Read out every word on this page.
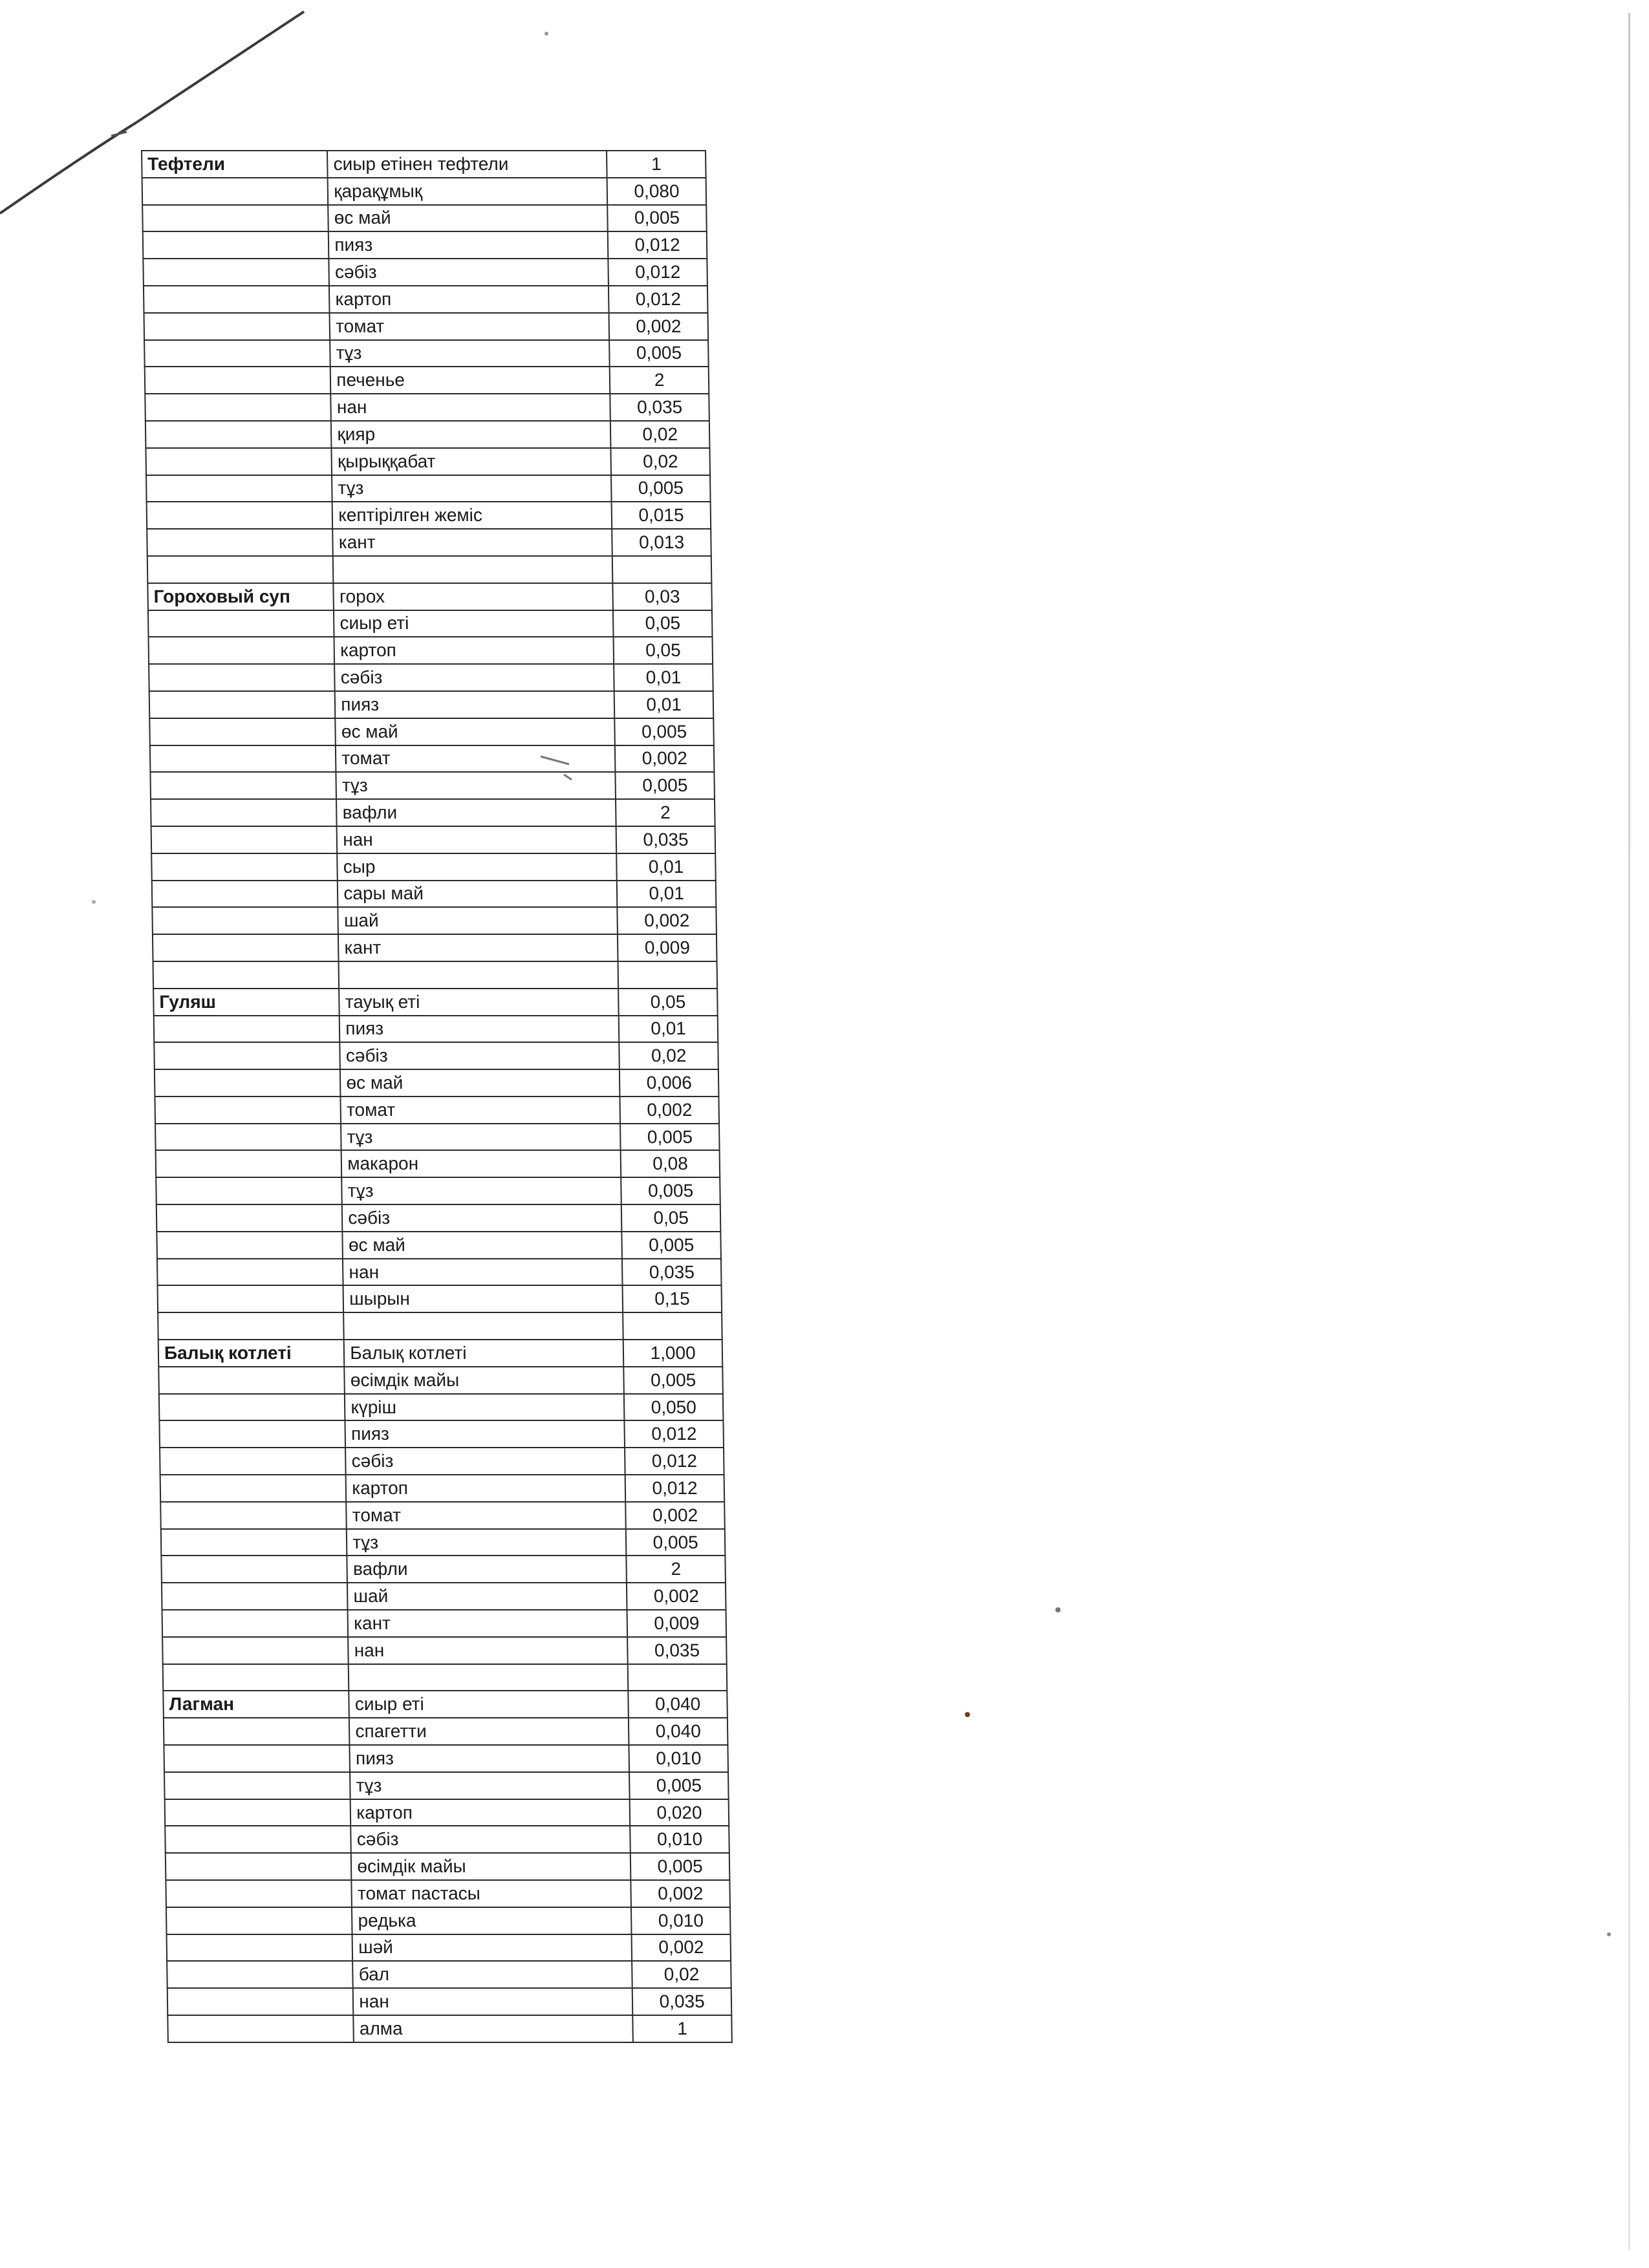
Тефтели	сиыр етінен тефтели	1
	қарақұмық	0,080
	өс май	0,005
	пияз	0,012
	сәбіз	0,012
	картоп	0,012
	томат	0,002
	тұз	0,005
	печенье	2
	нан	0,035
	қияр	0,02
	қырыққабат	0,02
	тұз	0,005
	кептірілген жеміс	0,015
	кант	0,013

Гороховый суп	горох	0,03
	сиыр еті	0,05
	картоп	0,05
	сәбіз	0,01
	пияз	0,01
	өс май	0,005
	томат	0,002
	тұз	0,005
	вафли	2
	нан	0,035
	сыр	0,01
	сары май	0,01
	шай	0,002
	кант	0,009

Гуляш	тауық еті	0,05
	пияз	0,01
	сәбіз	0,02
	өс май	0,006
	томат	0,002
	тұз	0,005
	макарон	0,08
	тұз	0,005
	сәбіз	0,05
	өс май	0,005
	нан	0,035
	шырын	0,15

Балық котлеті	Балық котлеті	1,000
	өсімдік майы	0,005
	күріш	0,050
	пияз	0,012
	сәбіз	0,012
	картоп	0,012
	томат	0,002
	тұз	0,005
	вафли	2
	шай	0,002
	кант	0,009
	нан	0,035

Лагман	сиыр еті	0,040
	спагетти	0,040
	пияз	0,010
	тұз	0,005
	картоп	0,020
	сәбіз	0,010
	өсімдік майы	0,005
	томат пастасы	0,002
	редька	0,010
	шәй	0,002
	бал	0,02
	нан	0,035
	алма	1
